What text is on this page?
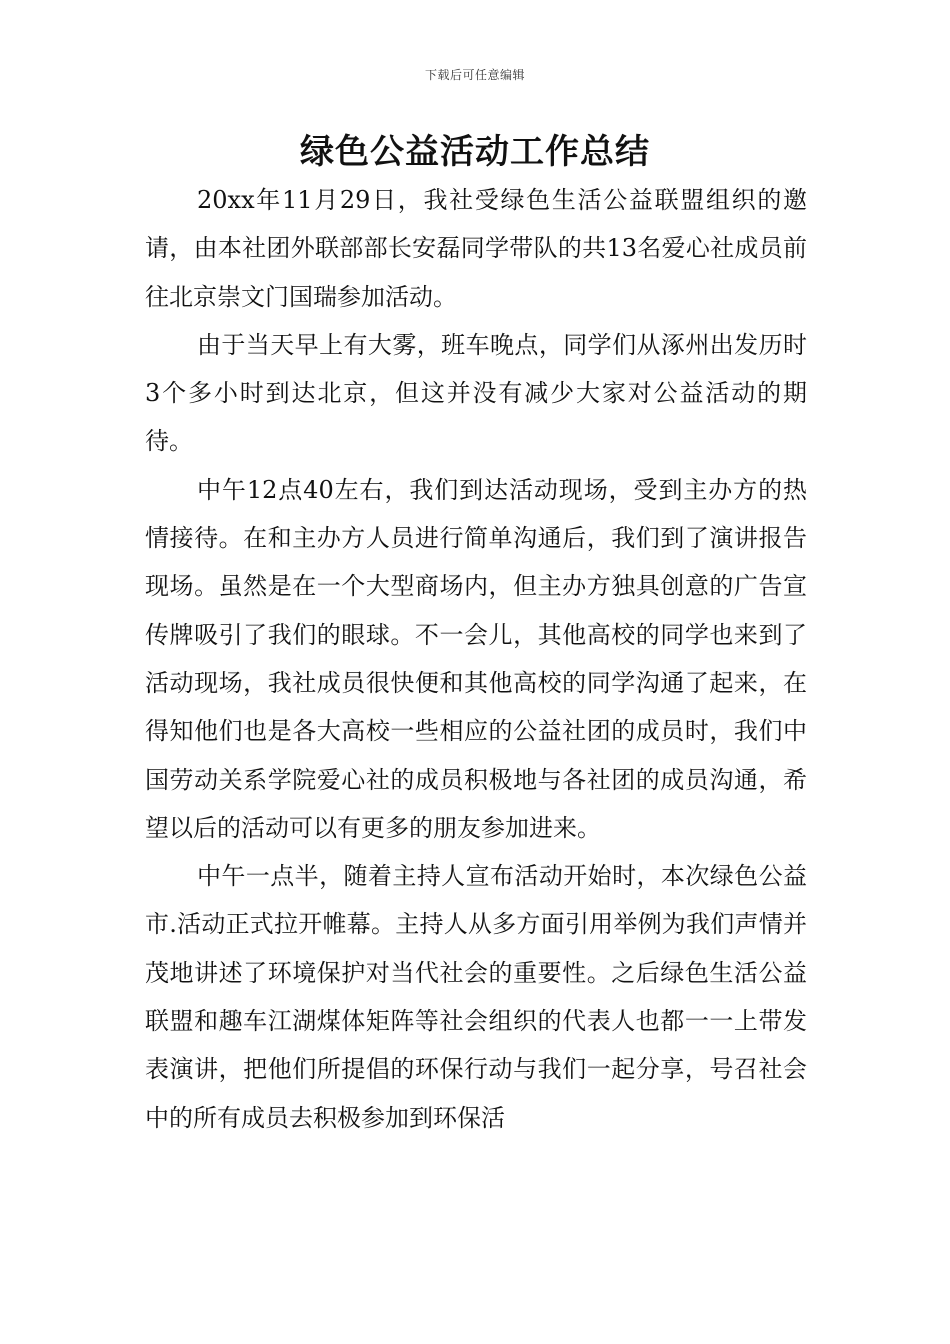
下载后可任意编辑
绿色公益活动工作总结

20xx年11月29日，我社受绿色生活公益联盟组织的邀请，由本社团外联部部长安磊同学带队的共13名爱心社成员前往北京崇文门国瑞参加活动。

由于当天早上有大雾，班车晚点，同学们从涿州出发历时3个多小时到达北京，但这并没有减少大家对公益活动的期待。

中午12点40左右，我们到达活动现场，受到主办方的热情接待。在和主办方人员进行简单沟通后，我们到了演讲报告现场。虽然是在一个大型商场内，但主办方独具创意的广告宣传牌吸引了我们的眼球。不一会儿，其他高校的同学也来到了活动现场，我社成员很快便和其他高校的同学沟通了起来，在得知他们也是各大高校一些相应的公益社团的成员时，我们中国劳动关系学院爱心社的成员积极地与各社团的成员沟通，希望以后的活动可以有更多的朋友参加进来。

中午一点半，随着主持人宣布活动开始时，本次绿色公益市.活动正式拉开帷幕。主持人从多方面引用举例为我们声情并茂地讲述了环境保护对当代社会的重要性。之后绿色生活公益联盟和趣车江湖煤体矩阵等社会组织的代表人也都一一上带发表演讲，把他们所提倡的环保行动与我们一起分享，号召社会中的所有成员去积极参加到环保活
